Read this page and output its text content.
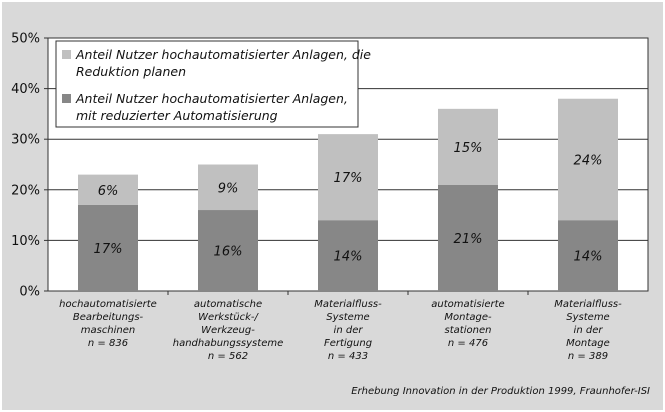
0%
10%
20%
30%
40%
50%
17%
6%
16%
9%
14%
17%
21%
15%
14%
24%
hochautomatisierte Bearbeitungs-maschinen n = 836
automatische Werkstück-/ Werkzeug-handhabungssysteme n = 562
Materialfluss-Systeme in der Fertigung n = 433
automatisierte Montage-stationen n = 476
Materialfluss-Systeme in der Montage n = 389
Anteil Nutzer hochautomatisierter Anlagen, die Reduktion planen
Anteil Nutzer hochautomatisierter Anlagen, mit reduzierter Automatisierung
Erhebung Innovation in der Produktion 1999, Fraunhofer-ISI
